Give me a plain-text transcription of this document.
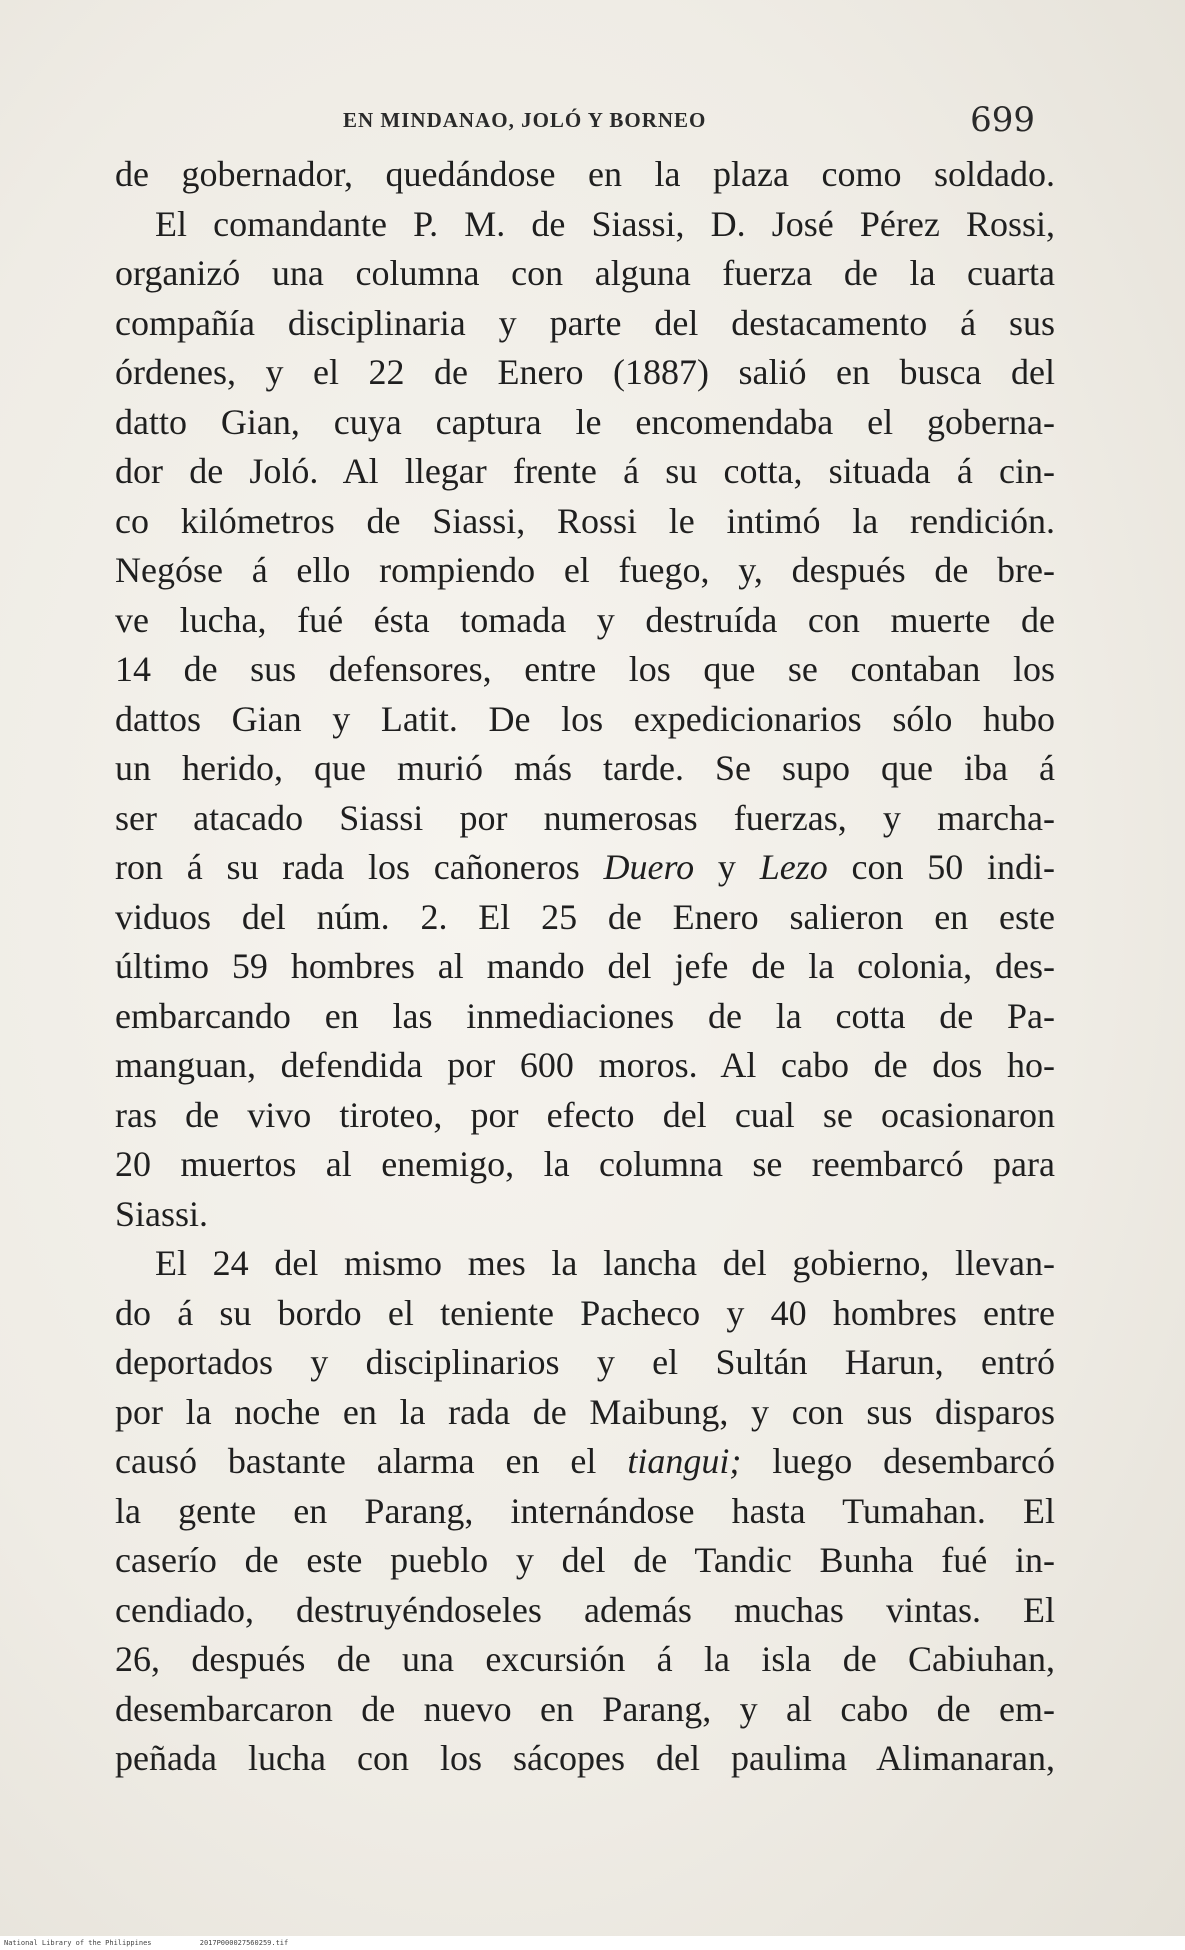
EN MINDANAO, JOLÓ Y BORNEO	699
de gobernador, quedándose en la plaza como soldado.
El comandante P. M. de Siassi, D. José Pérez Rossi,
organizó una columna con alguna fuerza de la cuarta
compañía disciplinaria y parte del destacamento á sus
órdenes, y el 22 de Enero (1887) salió en busca del
datto Gian, cuya captura le encomendaba el goberna-
dor de Joló. Al llegar frente á su cotta, situada á cin-
co kilómetros de Siassi, Rossi le intimó la rendición.
Negóse á ello rompiendo el fuego, y, después de bre-
ve lucha, fué ésta tomada y destruída con muerte de
14 de sus defensores, entre los que se contaban los
dattos Gian y Latit. De los expedicionarios sólo hubo
un herido, que murió más tarde. Se supo que iba á
ser atacado Siassi por numerosas fuerzas, y marcha-
ron á su rada los cañoneros Duero y Lezo con 50 indi-
viduos del núm. 2. El 25 de Enero salieron en este
último 59 hombres al mando del jefe de la colonia, des-
embarcando en las inmediaciones de la cotta de Pa-
manguan, defendida por 600 moros. Al cabo de dos ho-
ras de vivo tiroteo, por efecto del cual se ocasionaron
20 muertos al enemigo, la columna se reembarcó para
Siassi.
El 24 del mismo mes la lancha del gobierno, llevan-
do á su bordo el teniente Pacheco y 40 hombres entre
deportados y disciplinarios y el Sultán Harun, entró
por la noche en la rada de Maibung, y con sus disparos
causó bastante alarma en el tiangui; luego desembarcó
la gente en Parang, internándose hasta Tumahan. El
caserío de este pueblo y del de Tandic Bunha fué in-
cendiado, destruyéndoseles además muchas vintas. El
26, después de una excursión á la isla de Cabiuhan,
desembarcaron de nuevo en Parang, y al cabo de em-
peñada lucha con los sácopes del paulima Alimanaran,
National Library of the Philippines	2017P000027560259.tif
